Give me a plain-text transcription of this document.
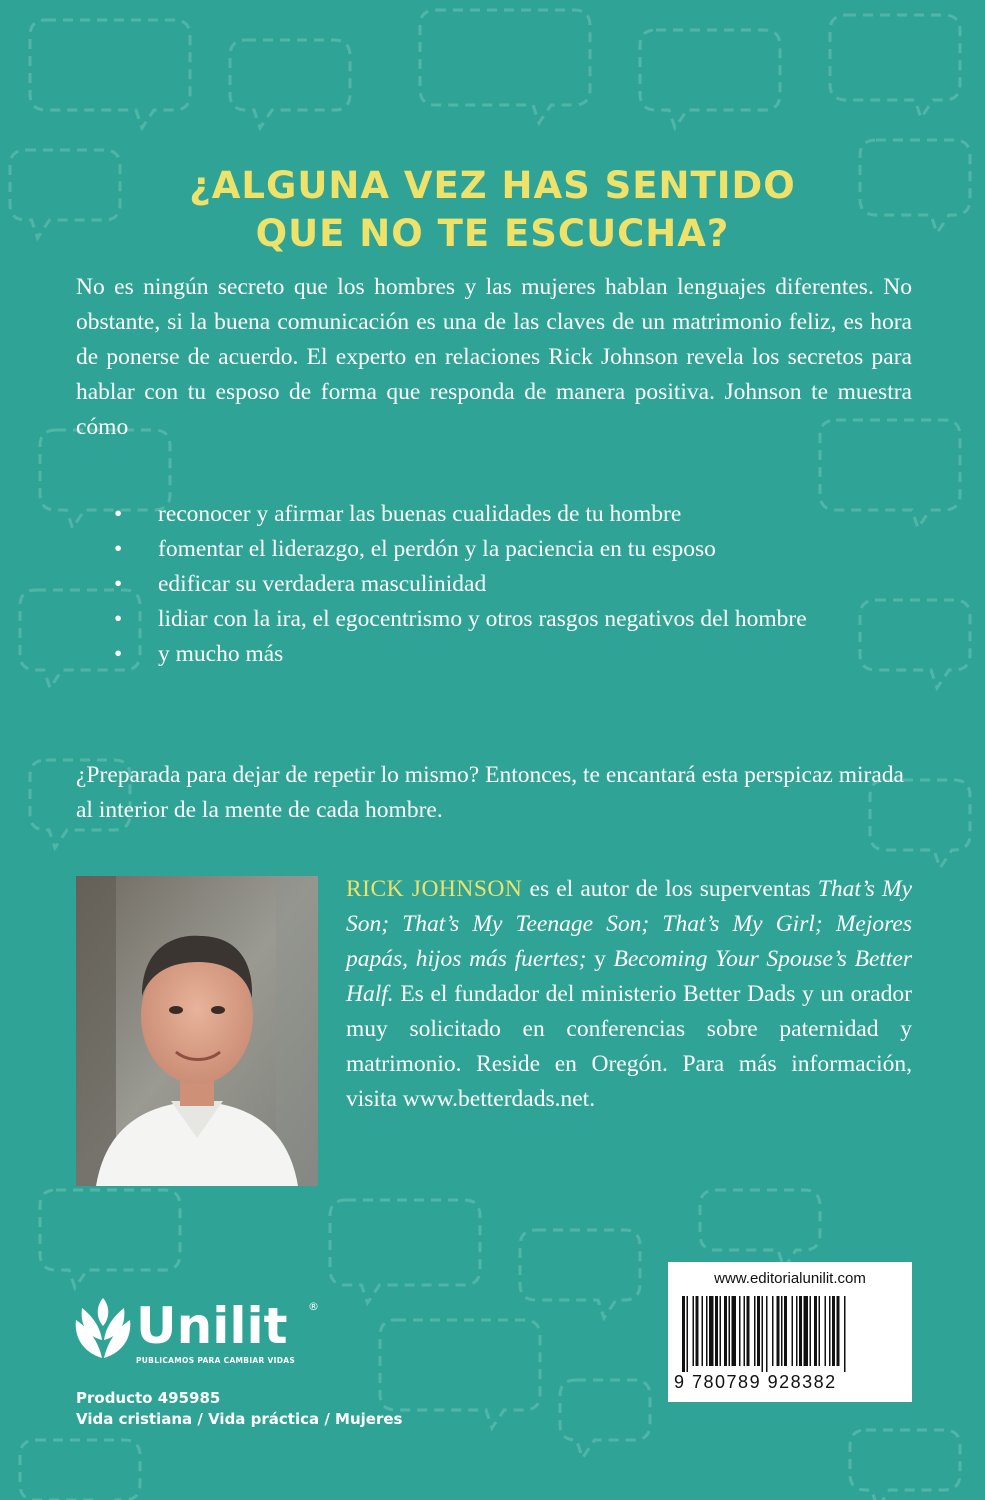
¿ALGUNA VEZ HAS SENTIDO
QUE NO TE ESCUCHA?

No es ningún secreto que los hombres y las mujeres hablan lenguajes diferentes. No obstante, si la buena comunicación es una de las claves de un matrimonio feliz, es hora de ponerse de acuerdo. El experto en relaciones Rick Johnson revela los secretos para hablar con tu esposo de forma que responda de manera positiva. Johnson te muestra cómo

• reconocer y afirmar las buenas cualidades de tu hombre
• fomentar el liderazgo, el perdón y la paciencia en tu esposo
• edificar su verdadera masculinidad
• lidiar con la ira, el egocentrismo y otros rasgos negativos del hombre
• y mucho más

¿Preparada para dejar de repetir lo mismo? Entonces, te encantará esta perspicaz mirada al interior de la mente de cada hombre.

RICK JOHNSON es el autor de los superventas That’s My Son; That’s My Teenage Son; That’s My Girl; Mejores papás, hijos más fuertes; y Becoming Your Spouse’s Better Half. Es el fundador del ministerio Better Dads y un orador muy solicitado en conferencias sobre paternidad y matrimonio. Reside en Oregón. Para más información, visita www.betterdads.net.

Unilit ®
PUBLICAMOS PARA CAMBIAR VIDAS
Producto 495985
Vida cristiana / Vida práctica / Mujeres
www.editorialunilit.com
9 780789 928382
